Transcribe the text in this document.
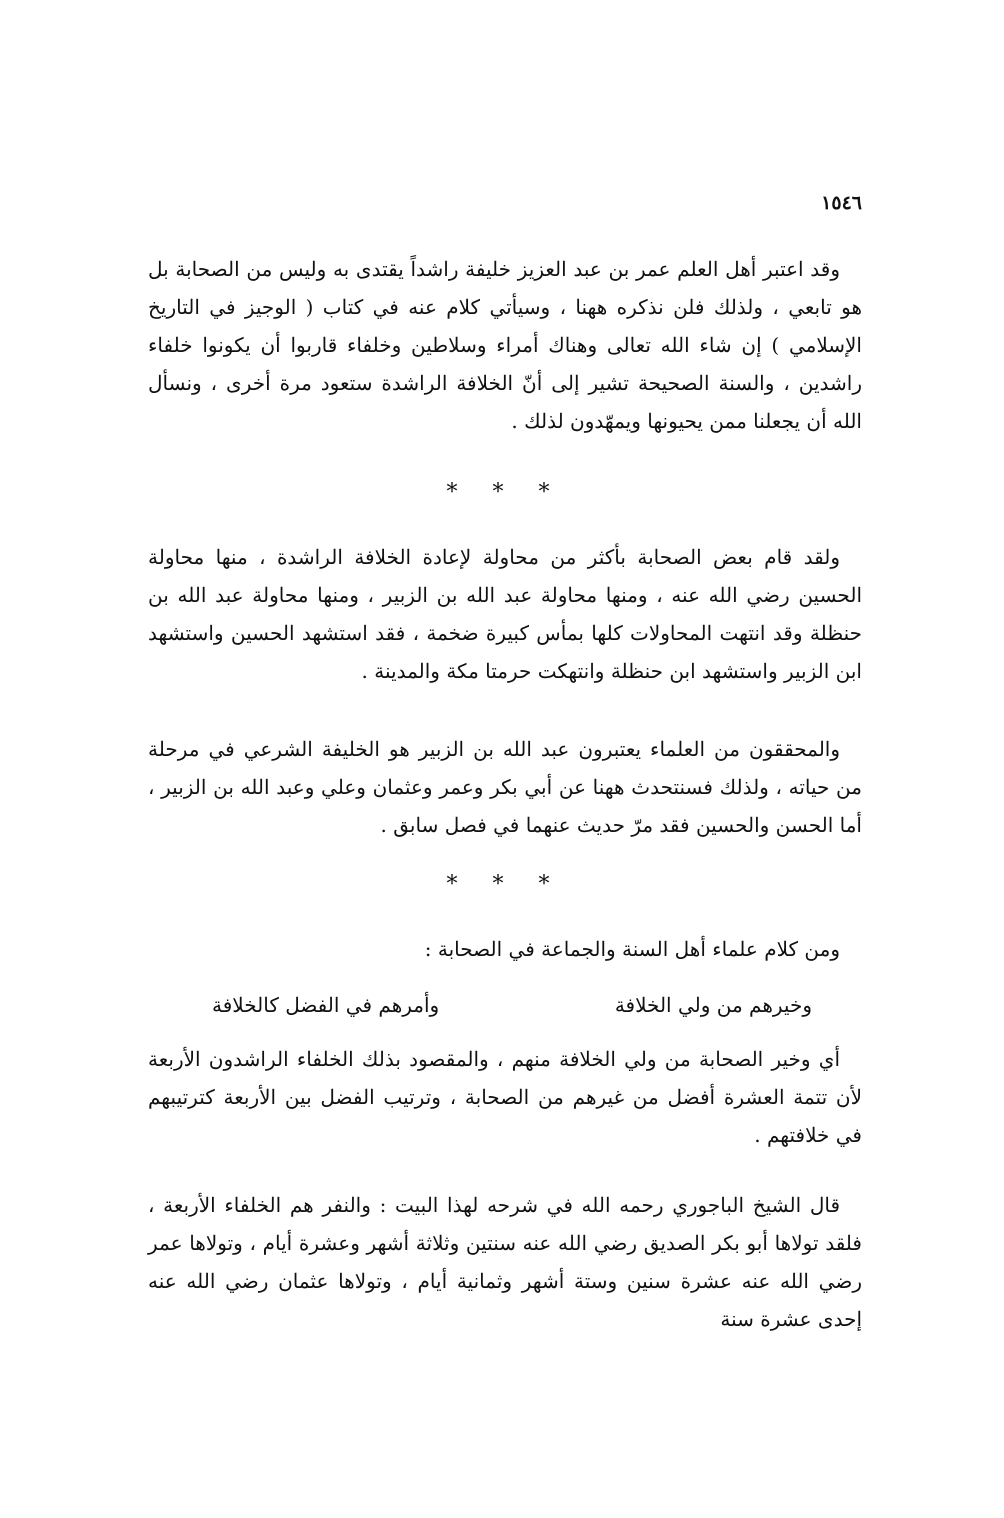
١٥٤٦

وقد اعتبر أهل العلم عمر بن عبد العزيز خليفة راشداً يقتدى به وليس من الصحابة بل هو تابعي ، ولذلك فلن نذكره ههنا ، وسيأتي كلام عنه في كتاب ( الوجيز في التاريخ الإسلامي ) إن شاء الله تعالى وهناك أمراء وسلاطين وخلفاء قاربوا أن يكونوا خلفاء راشدين ، والسنة الصحيحة تشير إلى أنّ الخلافة الراشدة ستعود مرة أخرى ، ونسأل الله أن يجعلنا ممن يحيونها ويمهّدون لذلك .

* * *

ولقد قام بعض الصحابة بأكثر من محاولة لإعادة الخلافة الراشدة ، منها محاولة الحسين رضي الله عنه ، ومنها محاولة عبد الله بن الزبير ، ومنها محاولة عبد الله بن حنظلة وقد انتهت المحاولات كلها بمأس كبيرة ضخمة ، فقد استشهد الحسين واستشهد ابن الزبير واستشهد ابن حنظلة وانتهكت حرمتا مكة والمدينة .

والمحققون من العلماء يعتبرون عبد الله بن الزبير هو الخليفة الشرعي في مرحلة من حياته ، ولذلك فسنتحدث ههنا عن أبي بكر وعمر وعثمان وعلي وعبد الله بن الزبير ، أما الحسن والحسين فقد مرّ حديث عنهما في فصل سابق .

* * *
ومن كلام علماء أهل السنة والجماعة في الصحابة :
وخيرهم من ولي الخلافة
وأمرهم في الفضل كالخلافة

أي وخير الصحابة من ولي الخلافة منهم ، والمقصود بذلك الخلفاء الراشدون الأربعة لأن تتمة العشرة أفضل من غيرهم من الصحابة ، وترتيب الفضل بين الأربعة كترتيبهم في خلافتهم .

قال الشيخ الباجوري رحمه الله في شرحه لهذا البيت : والنفر هم الخلفاء الأربعة ، فلقد تولاها أبو بكر الصديق رضي الله عنه سنتين وثلاثة أشهر وعشرة أيام ، وتولاها عمر رضي الله عنه عشرة سنين وستة أشهر وثمانية أيام ، وتولاها عثمان رضي الله عنه إحدى عشرة سنة
